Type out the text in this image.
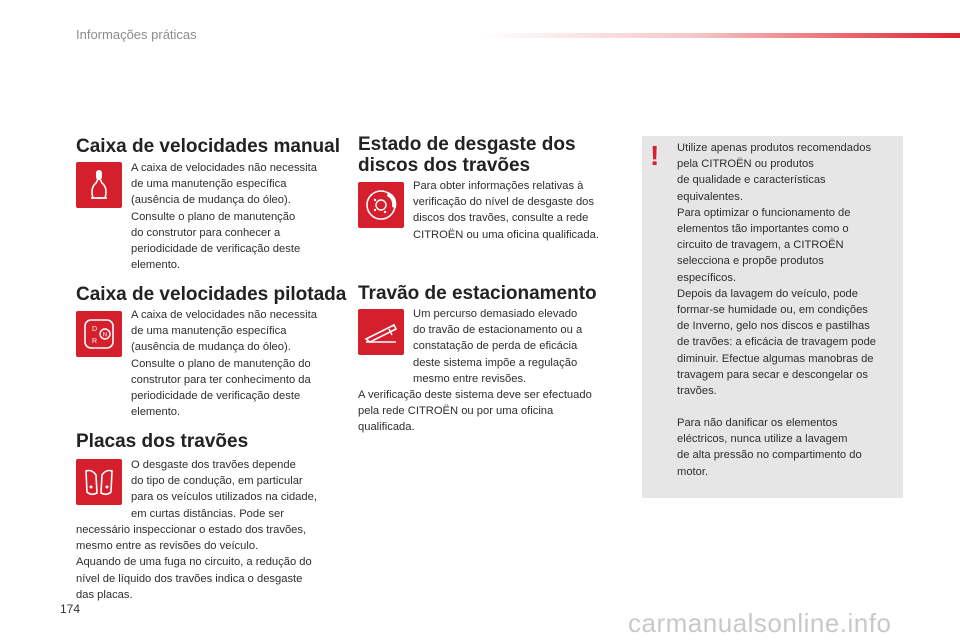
Informações práticas
Caixa de velocidades manual
A caixa de velocidades não necessita
de uma manutenção específica
(ausência de mudança do óleo).
Consulte o plano de manutenção
do construtor para conhecer a
periodicidade de verificação deste
elemento.
Caixa de velocidades pilotada
D
R
N
A caixa de velocidades não necessita
de uma manutenção específica
(ausência de mudança do óleo).
Consulte o plano de manutenção do
construtor para ter conhecimento da
periodicidade de verificação deste
elemento.
Placas dos travões
O desgaste dos travões depende
do tipo de condução, em particular
para os veículos utilizados na cidade,
em curtas distâncias. Pode ser
necessário inspeccionar o estado dos travões,
mesmo entre as revisões do veículo.
Aquando de uma fuga no circuito, a redução do
nível de líquido dos travões indica o desgaste
das placas.
Estado de desgaste dos
discos dos travões
Para obter informações relativas à
verificação do nível de desgaste dos
discos dos travões, consulte a rede
CITROËN ou uma oficina qualificada.
Travão de estacionamento
Um percurso demasiado elevado
do travão de estacionamento ou a
constatação de perda de eficácia
deste sistema impõe a regulação
mesmo entre revisões.
A verificação deste sistema deve ser efectuado
pela rede CITROËN ou por uma oficina
qualificada.
! Utilize apenas produtos recomendados
pela CITROËN ou produtos
de qualidade e características
equivalentes.
Para optimizar o funcionamento de
elementos tão importantes como o
circuito de travagem, a CITROËN
selecciona e propõe produtos
específicos.
Depois da lavagem do veículo, pode
formar-se humidade ou, em condições
de Inverno, gelo nos discos e pastilhas
de travões: a eficácia de travagem pode
diminuir. Efectue algumas manobras de
travagem para secar e descongelar os
travões.
Para não danificar os elementos
eléctricos, nunca utilize a lavagem
de alta pressão no compartimento do
motor.
174	carmanualsonline.info
